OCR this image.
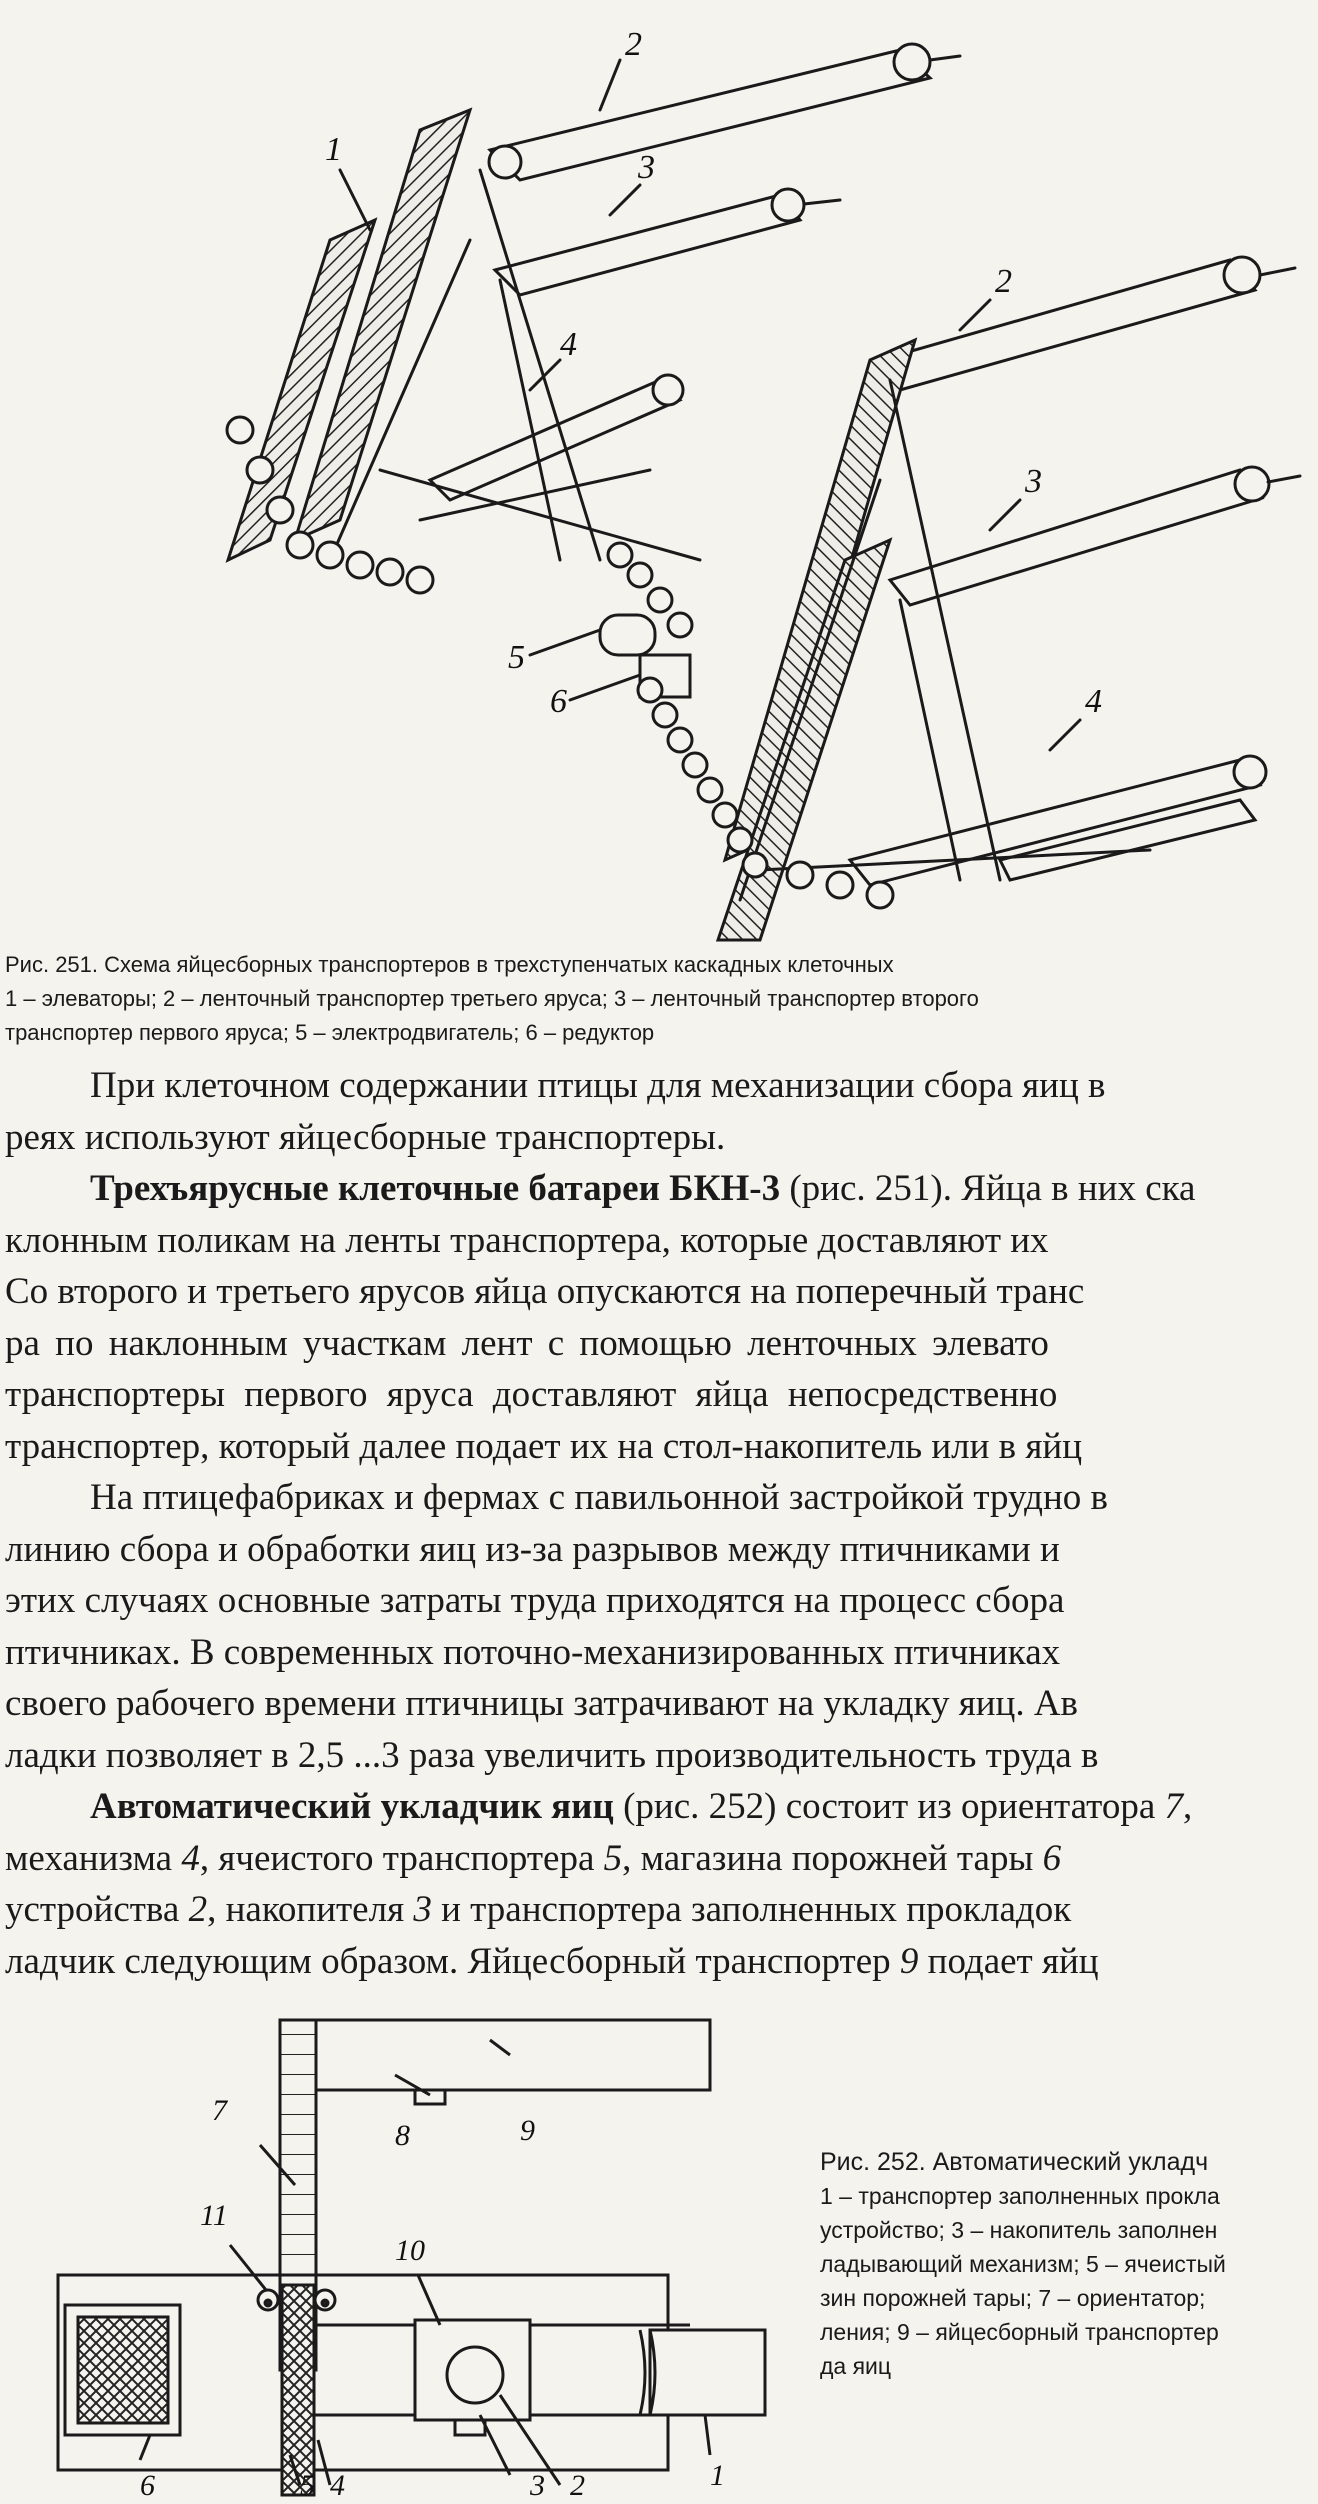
1
2
3
4
5
6
2
3
4
Рис. 251. Схема яйцесборных транспортеров в трехступенчатых каскадных клеточных
1 – элеваторы; 2 – ленточный транспортер третьего яруса; 3 – ленточный транспортер второго
транспортер первого яруса; 5 – электродвигатель; 6 – редуктор

При клеточном содержании птицы для механизации сбора яиц в

реях используют яйцесборные транспортеры.

Трехъярусные клеточные батареи БКН-3 (рис. 251). Яйца в них ска

клонным поликам на ленты транспортера, которые доставляют их

Со второго и третьего ярусов яйца опускаются на поперечный транс

ра по наклонным участкам лент с помощью ленточных элевато

транспортеры первого яруса доставляют яйца непосредственно

транспортер, который далее подает их на стол-накопитель или в яйц

На птицефабриках и фермах с павильонной застройкой трудно в

линию сбора и обработки яиц из-за разрывов между птичниками и

этих случаях основные затраты труда приходятся на процесс сбора

птичниках. В современных поточно-механизированных птичниках

своего рабочего времени птичницы затрачивают на укладку яиц. Ав

ладки позволяет в 2,5 ...3 раза увеличить производительность труда в

Автоматический укладчик яиц (рис. 252) состоит из ориентатора 7,

механизма 4, ячеистого транспортера 5, магазина порожней тары 6

устройства 2, накопителя 3 и транспортера заполненных прокладок

ладчик следующим образом. Яйцесборный транспортер 9 подает яйц

7
8	9
11
10
6	5 4	3 2	1
Рис. 252. Автоматический укладч
1 – транспортер заполненных прокла
устройство; 3 – накопитель заполнен
ладывающий механизм; 5 – ячеистый
зин порожней тары; 7 – ориентатор;
ления; 9 – яйцесборный транспортер
да яиц
